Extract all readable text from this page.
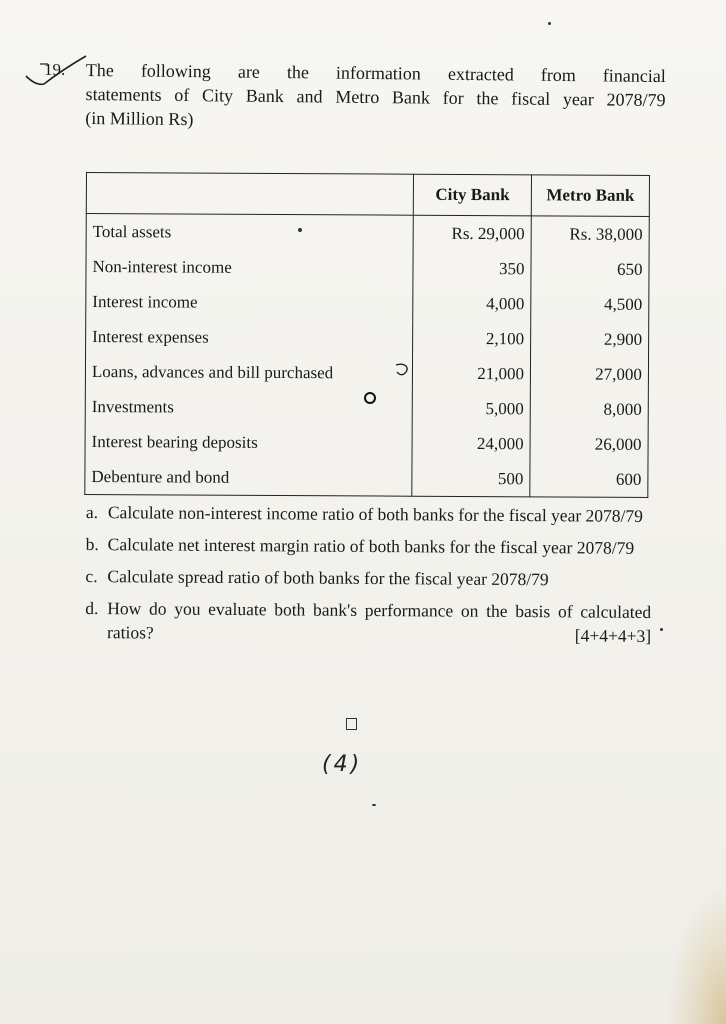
19. The following are the information extracted from financial
statements of City Bank and Metro Bank for the fiscal year 2078/79
(in Million Rs)
	City Bank	Metro Bank
Total assets	Rs. 29,000	Rs. 38,000
Non-interest income	350	650
Interest income	4,000	4,500
Interest expenses	2,100	2,900
Loans, advances and bill purchased	21,000	27,000
Investments	5,000	8,000
Interest bearing deposits	24,000	26,000
Debenture and bond	500	600
a. Calculate non-interest income ratio of both banks for the fiscal year 2078/79
b. Calculate net interest margin ratio of both banks for the fiscal year 2078/79
c. Calculate spread ratio of both banks for the fiscal year 2078/79
d. How do you evaluate both bank's performance on the basis of calculated ratios?	[4+4+4+3]
(4)
